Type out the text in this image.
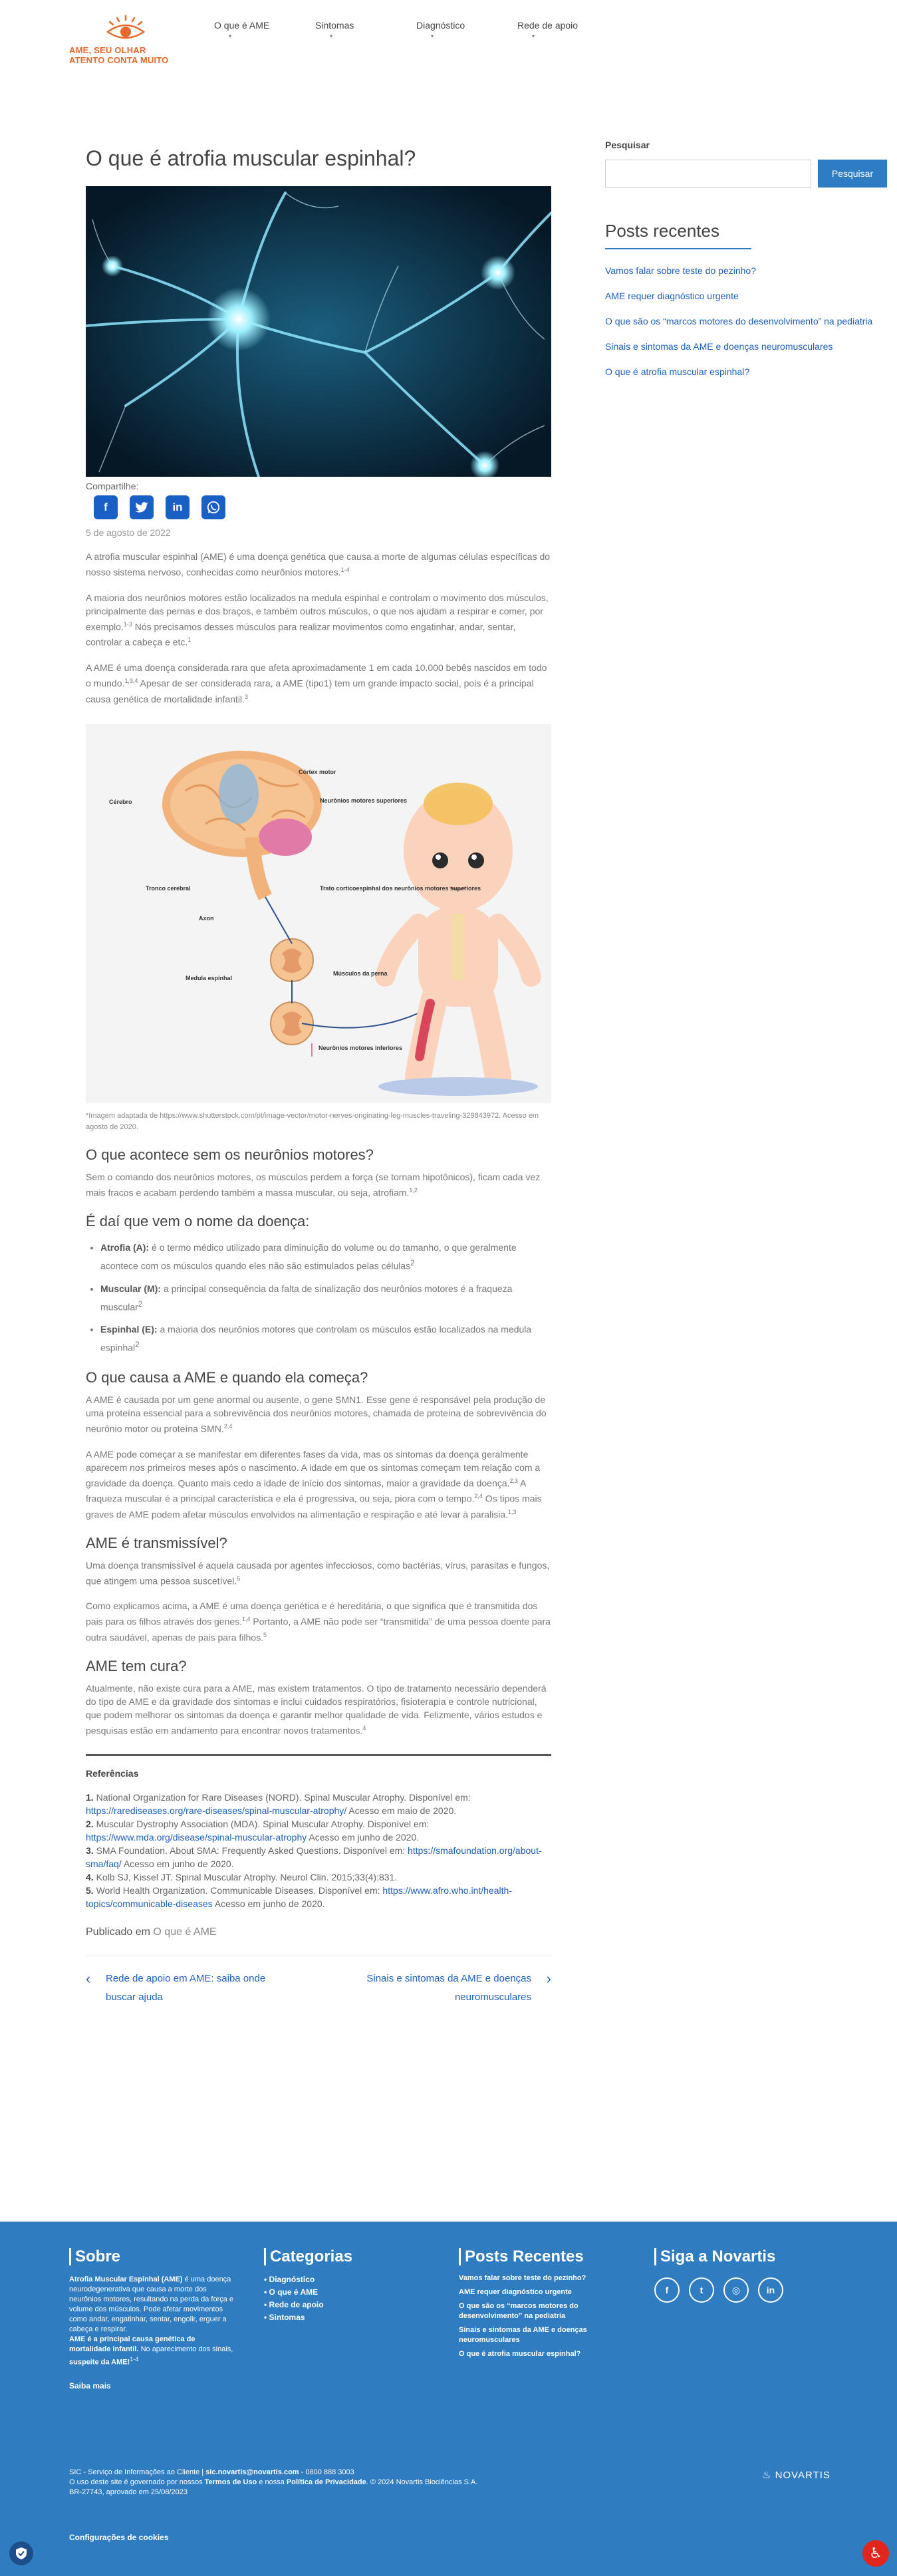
AME, SEU OLHAR
ATENTO CONTA MUITO
O que é AME
▾
Sintomas
▾
Diagnóstico
▾
Rede de apoio
▾
O que é atrofia muscular espinhal?
Compartilhe:
f	in
5 de agosto de 2022

A atrofia muscular espinhal (AME) é uma doença genética que causa a morte de algumas células específicas do nosso sistema nervoso, conhecidas como neurônios motores.$^{1-4}$

A maioria dos neurônios motores estão localizados na medula espinhal e controlam o movimento dos músculos, principalmente das pernas e dos braços, e também outros músculos, o que nos ajudam a respirar e comer, por exemplo.$^{1-3}$ Nós precisamos desses músculos para realizar movimentos como engatinhar, andar, sentar, controlar a cabeça e etc.$^1$

A AME é uma doença considerada rara que afeta aproximadamente 1 em cada 10.000 bebês nascidos em todo o mundo.$^{1,3,4}$ Apesar de ser considerada rara, a AME (tipo1) tem um grande impacto social, pois é a principal causa genética de mortalidade infantil.$^3$

Córtex motor
Cérebro	Neurônios motores superiores
Tronco cerebral	Trato corticoespinhal dos neurônios motores superiores
Axon
Medula espinhal
Músculos da perna
Neurônios motores inferiores
*Imagem adaptada de https://www.shutterstock.com/pt/image-vector/motor-nerves-originating-leg-muscles-traveling-329843972. Acesso em agosto de 2020.
O que acontece sem os neurônios motores?

Sem o comando dos neurônios motores, os músculos perdem a força (se tornam hipotônicos), ficam cada vez mais fracos e acabam perdendo também a massa muscular, ou seja, atrofiam.$^{1,2}$

É daí que vem o nome da doença:
• Atrofia (A): é o termo médico utilizado para diminuição do volume ou do tamanho, o que geralmente acontece com os músculos quando eles não são estimulados pelas células$^2$
• Muscular (M): a principal consequência da falta de sinalização dos neurônios motores é a fraqueza muscular$^2$
• Espinhal (E): a maioria dos neurônios motores que controlam os músculos estão localizados na medula espinhal$^2$
O que causa a AME e quando ela começa?

A AME é causada por um gene anormal ou ausente, o gene SMN1. Esse gene é responsável pela produção de uma proteína essencial para a sobrevivência dos neurônios motores, chamada de proteína de sobrevivência do neurônio motor ou proteína SMN.$^{2,4}$

A AME pode começar a se manifestar em diferentes fases da vida, mas os sintomas da doença geralmente aparecem nos primeiros meses após o nascimento. A idade em que os sintomas começam tem relação com a gravidade da doença. Quanto mais cedo a idade de início dos sintomas, maior a gravidade da doença.$^{2,3}$ A fraqueza muscular é a principal característica e ela é progressiva, ou seja, piora com o tempo.$^{2,4}$ Os tipos mais graves de AME podem afetar músculos envolvidos na alimentação e respiração e até levar à paralisia.$^{1,3}$

AME é transmissível?

Uma doença transmissível é aquela causada por agentes infecciosos, como bactérias, vírus, parasitas e fungos, que atingem uma pessoa suscetível.$^5$

Como explicamos acima, a AME é uma doença genética e é hereditária, o que significa que é transmitida dos pais para os filhos através dos genes.$^{1,4}$ Portanto, a AME não pode ser “transmitida” de uma pessoa doente para outra saudável, apenas de pais para filhos.$^5$

AME tem cura?

Atualmente, não existe cura para a AME, mas existem tratamentos. O tipo de tratamento necessário dependerá do tipo de AME e da gravidade dos sintomas e inclui cuidados respiratórios, fisioterapia e controle nutricional, que podem melhorar os sintomas da doença e garantir melhor qualidade de vida. Felizmente, vários estudos e pesquisas estão em andamento para encontrar novos tratamentos.$^4$

Referências
1. National Organization for Rare Diseases (NORD). Spinal Muscular Atrophy. Disponível em: https://rarediseases.org/rare-diseases/spinal-muscular-atrophy/ Acesso em maio de 2020.
2. Muscular Dystrophy Association (MDA). Spinal Muscular Atrophy. Disponível em: https://www.mda.org/disease/spinal-muscular-atrophy Acesso em junho de 2020.
3. SMA Foundation. About SMA: Frequently Asked Questions. Disponível em: https://smafoundation.org/about-sma/faq/ Acesso em junho de 2020.
4. Kolb SJ, Kissel JT. Spinal Muscular Atrophy. Neurol Clin. 2015;33(4):831.
5. World Health Organization. Communicable Diseases. Disponível em: https://www.afro.who.int/health-topics/communicable-diseases Acesso em junho de 2020.
Publicado em O que é AME
‹ Rede de apoio em AME: saiba onde buscar ajuda
Sinais e sintomas da AME e doenças neuromusculares
›
Pesquisar
Pesquisar
Posts recentes
Vamos falar sobre teste do pezinho?
AME requer diagnóstico urgente
O que são os “marcos motores do desenvolvimento” na pediatria
Sinais e sintomas da AME e doenças neuromusculares
O que é atrofia muscular espinhal?
Sobre

Atrofia Muscular Espinhal (AME) é uma doença neurodegenerativa que causa a morte dos neurônios motores, resultando na perda da força e volume dos músculos. Pode afetar movimentos como andar, engatinhar, sentar, engolir, erguer a cabeça e respirar.
AME é a principal causa genética de mortalidade infantil. No aparecimento dos sinais, suspeite da AME!$^{1-4}$

Saiba mais

Categorias
• Diagnóstico
• O que é AME
• Rede de apoio
• Sintomas
Posts Recentes
Vamos falar sobre teste do pezinho?
AME requer diagnóstico urgente
O que são os “marcos motores do desenvolvimento” na pediatria
Sinais e sintomas da AME e doenças neuromusculares
O que é atrofia muscular espinhal?
Siga a Novartis
f	t	◎	in
SIC - Serviço de Informações ao Cliente | sic.novartis@novartis.com - 0800 888 3003
O uso deste site é governado por nossos Termos de Uso e nossa Política de Privacidade. © 2024 Novartis Biociências S.A.
BR-27743, aprovado em 25/08/2023
♨ NOVARTIS
Configurações de cookies
♿
